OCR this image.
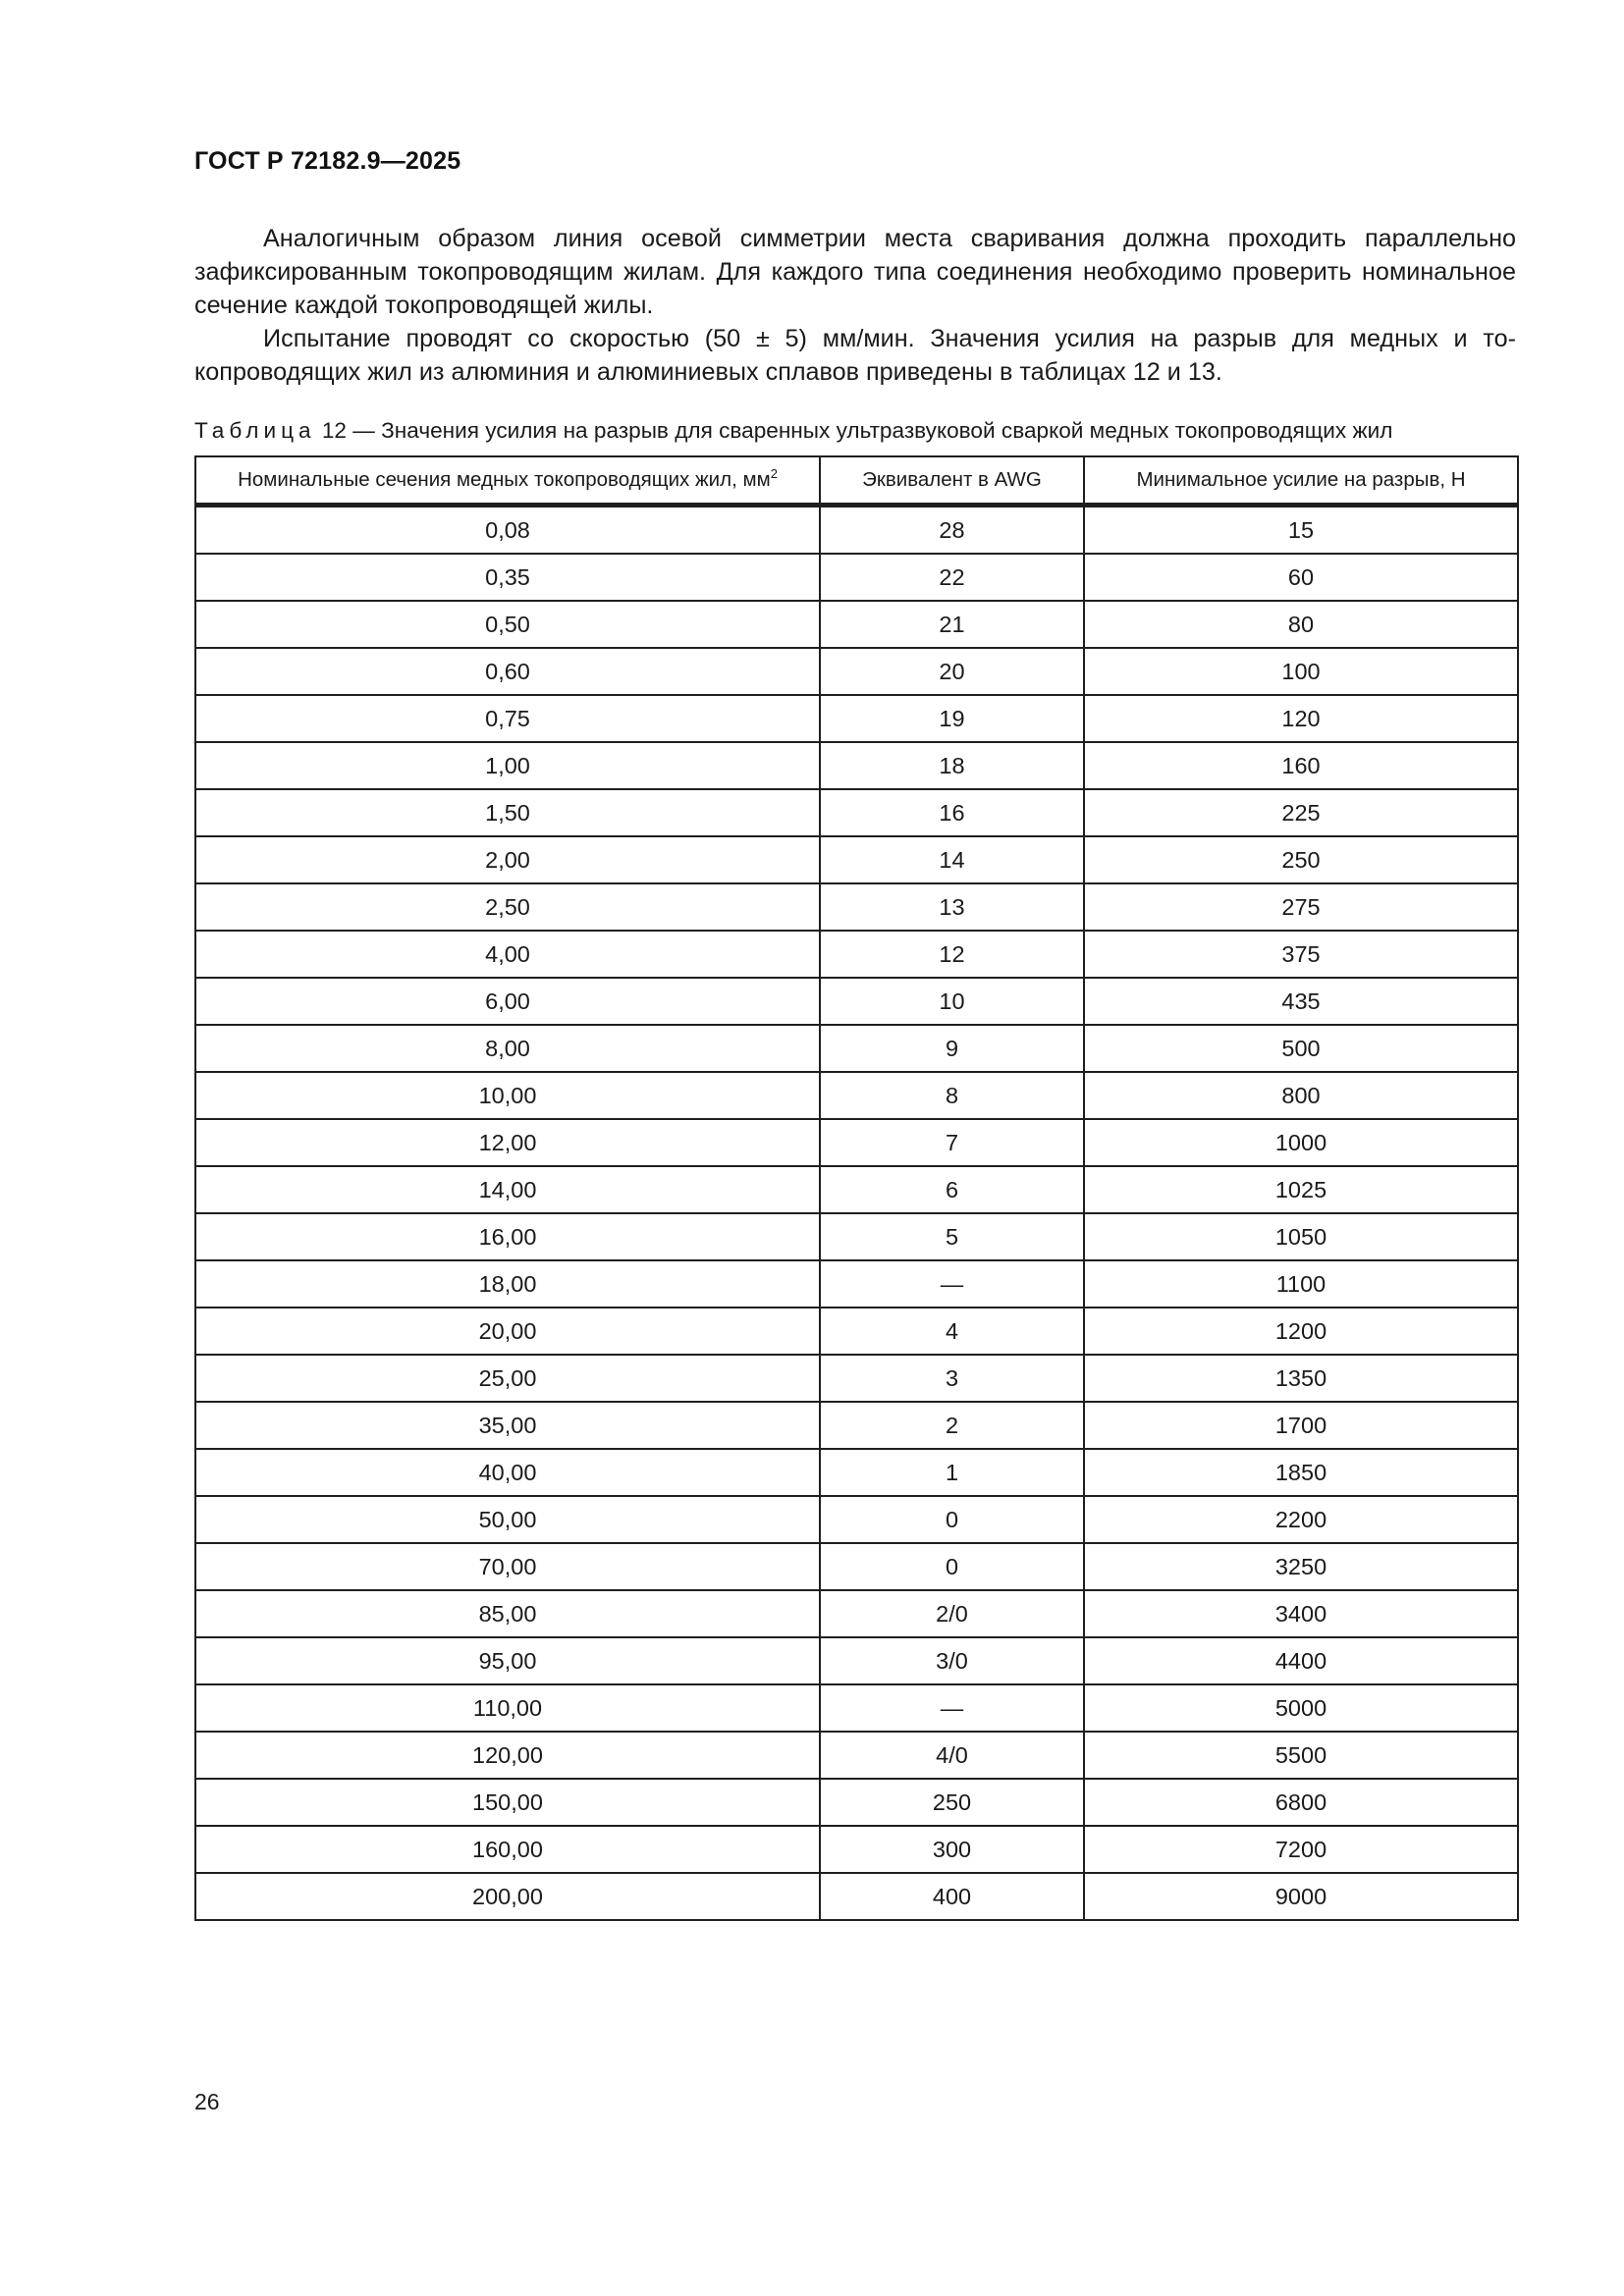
ГОСТ Р 72182.9—2025

Аналогичным образом линия осевой симметрии места сваривания должна проходить параллельно зафиксированным токопроводящим жилам. Для каждого типа соединения необходимо проверить номинальное сечение каждой токопроводящей жилы.

Испытание проводят со скоростью (50 ± 5) мм/мин. Значения усилия на разрыв для медных и токопроводящих жил из алюминия и алюминиевых сплавов приведены в таблицах 12 и 13.

Таблица 12 — Значения усилия на разрыв для сваренных ультразвуковой сваркой медных токопроводящих жил
Номинальные сечения медных токопроводящих жил, $мм^2$	Эквивалент в AWG	Минимальное усилие на разрыв, Н
0,08	28	15
0,35	22	60
0,50	21	80
0,60	20	100
0,75	19	120
1,00	18	160
1,50	16	225
2,00	14	250
2,50	13	275
4,00	12	375
6,00	10	435
8,00	9	500
10,00	8	800
12,00	7	1000
14,00	6	1025
16,00	5	1050
18,00	—	1100
20,00	4	1200
25,00	3	1350
35,00	2	1700
40,00	1	1850
50,00	0	2200
70,00	0	3250
85,00	2/0	3400
95,00	3/0	4400
110,00	—	5000
120,00	4/0	5500
150,00	250	6800
160,00	300	7200
200,00	400	9000
26
